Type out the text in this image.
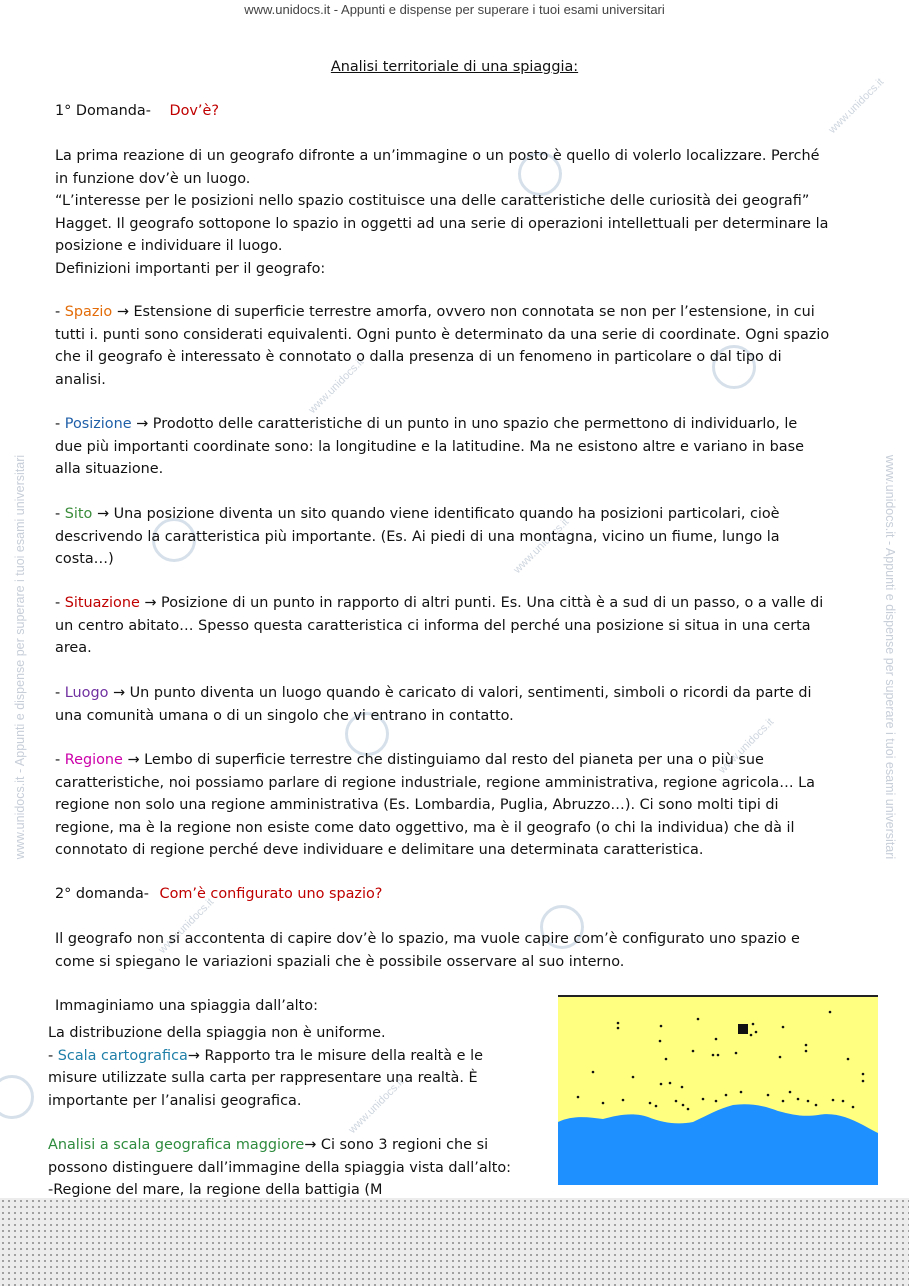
www.unidocs.it - Appunti e dispense per superare i tuoi esami universitari
www.unidocs.it - Appunti e dispense per superare i tuoi esami universitari	www.unidocs.it - Appunti e dispense per superare i tuoi esami universitari
www.unidocs.it
www.unidocs.it
www.unidocs.it
www.unidocs.it
www.unidocs.it
www.unidocs.it
Analisi territoriale di una spiaggia:
1° Domanda- Dov’è?
La prima reazione di un geografo difronte a un’immagine o un posto è quello di volerlo localizzare. Perché
in funzione dov’è un luogo.
“L’interesse per le posizioni nello spazio costituisce una delle caratteristiche delle curiosità dei geografi”
Hagget. Il geografo sottopone lo spazio in oggetti ad una serie di operazioni intellettuali per determinare la
posizione e individuare il luogo.
Definizioni importanti per il geografo:
- Spazio → Estensione di superficie terrestre amorfa, ovvero non connotata se non per l’estensione, in cui
tutti i. punti sono considerati equivalenti. Ogni punto è determinato da una serie di coordinate. Ogni spazio
che il geografo è interessato è connotato o dalla presenza di un fenomeno in particolare o dal tipo di
analisi.
- Posizione → Prodotto delle caratteristiche di un punto in uno spazio che permettono di individuarlo, le
due più importanti coordinate sono: la longitudine e la latitudine. Ma ne esistono altre e variano in base
alla situazione.
- Sito → Una posizione diventa un sito quando viene identificato quando ha posizioni particolari, cioè
descrivendo la caratteristica più importante. (Es. Ai piedi di una montagna, vicino un fiume, lungo la
costa…)
- Situazione → Posizione di un punto in rapporto di altri punti. Es. Una città è a sud di un passo, o a valle di
un centro abitato… Spesso questa caratteristica ci informa del perché una posizione si situa in una certa
area.
- Luogo → Un punto diventa un luogo quando è caricato di valori, sentimenti, simboli o ricordi da parte di
una comunità umana o di un singolo che vi entrano in contatto.
- Regione → Lembo di superficie terrestre che distinguiamo dal resto del pianeta per una o più sue
caratteristiche, noi possiamo parlare di regione industriale, regione amministrativa, regione agricola… La
regione non solo una regione amministrativa (Es. Lombardia, Puglia, Abruzzo…). Ci sono molti tipi di
regione, ma è la regione non esiste come dato oggettivo, ma è il geografo (o chi la individua) che dà il
connotato di regione perché deve individuare e delimitare una determinata caratteristica.
2° domanda- Com’è configurato uno spazio?
Il geografo non si accontenta di capire dov’è lo spazio, ma vuole capire com’è configurato uno spazio e
come si spiegano le variazioni spaziali che è possibile osservare al suo interno.
Immaginiamo una spiaggia dall’alto:
La distribuzione della spiaggia non è uniforme.
- Scala cartografica→ Rapporto tra le misure della realtà e le
misure utilizzate sulla carta per rappresentare una realtà. È
importante per l’analisi geografica.
Analisi a scala geografica maggiore→ Ci sono 3 regioni che si
possono distinguere dall’immagine della spiaggia vista dall’alto:
-Regione del mare, la regione della battigia (M
